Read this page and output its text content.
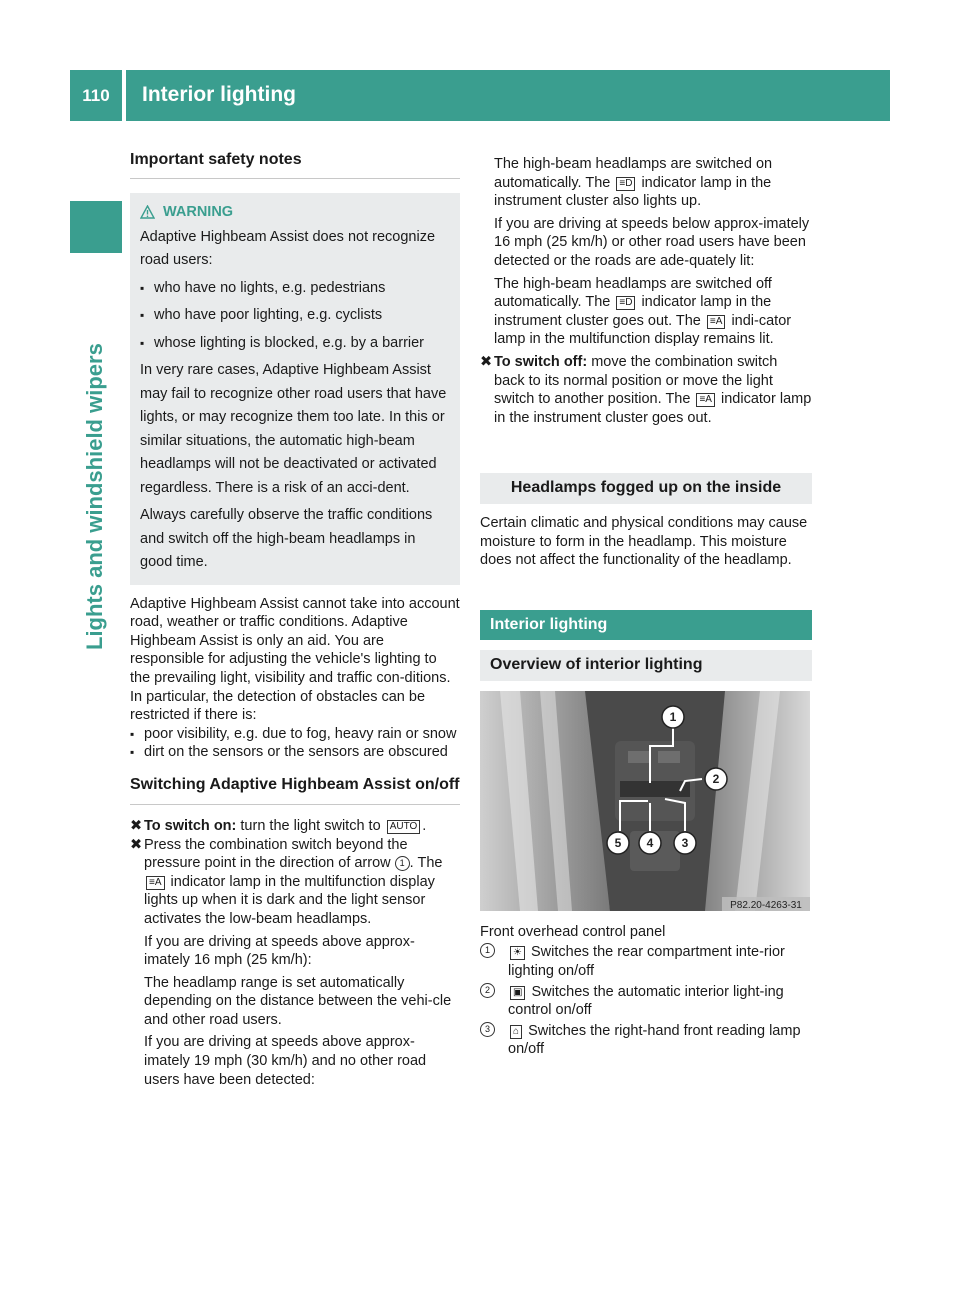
110	Interior lighting
Lights and windshield wipers
Important safety notes
WARNING

Adaptive Highbeam Assist does not recognize road users:

▪ who have no lights, e.g. pedestrians

▪ who have poor lighting, e.g. cyclists

▪ whose lighting is blocked, e.g. by a barrier

In very rare cases, Adaptive Highbeam Assist may fail to recognize other road users that have lights, or may recognize them too late. In this or similar situations, the automatic high-beam headlamps will not be deactivated or activated regardless. There is a risk of an acci-dent.

Always carefully observe the traffic conditions and switch off the high-beam headlamps in good time.

Adaptive Highbeam Assist cannot take into account road, weather or traffic conditions. Adaptive Highbeam Assist is only an aid. You are responsible for adjusting the vehicle's lighting to the prevailing light, visibility and traffic con-ditions.

In particular, the detection of obstacles can be restricted if there is:

▪ poor visibility, e.g. due to fog, heavy rain or snow

▪ dirt on the sensors or the sensors are obscured

Switching Adaptive Highbeam Assist on/off

✖ To switch on: turn the light switch to AUTO .

✖ Press the combination switch beyond the pressure point in the direction of arrow 1 . The ≡A indicator lamp in the multifunction display lights up when it is dark and the light sensor activates the low-beam headlamps.

If you are driving at speeds above approx-imately 16 mph (25 km/h):

The headlamp range is set automatically depending on the distance between the vehi-cle and other road users.

If you are driving at speeds above approx-imately 19 mph (30 km/h) and no other road users have been detected:

The high-beam headlamps are switched on automatically. The ≡D indicator lamp in the instrument cluster also lights up.

If you are driving at speeds below approx-imately 16 mph (25 km/h) or other road users have been detected or the roads are ade-quately lit:

The high-beam headlamps are switched off automatically. The ≡D indicator lamp in the instrument cluster goes out. The ≡A indi-cator lamp in the multifunction display remains lit.

✖ To switch off: move the combination switch back to its normal position or move the light switch to another position. The ≡A indicator lamp in the instrument cluster goes out.

Headlamps fogged up on the inside

Certain climatic and physical conditions may cause moisture to form in the headlamp. This moisture does not affect the functionality of the headlamp.

Interior lighting
Overview of interior lighting
1
2
3
4
5
P82.20-4263-31

Front overhead control panel

1	☀ Switches the rear compartment inte-rior lighting on/off

2	▣ Switches the automatic interior light-ing control on/off

3	⌂ Switches the right-hand front reading lamp on/off
